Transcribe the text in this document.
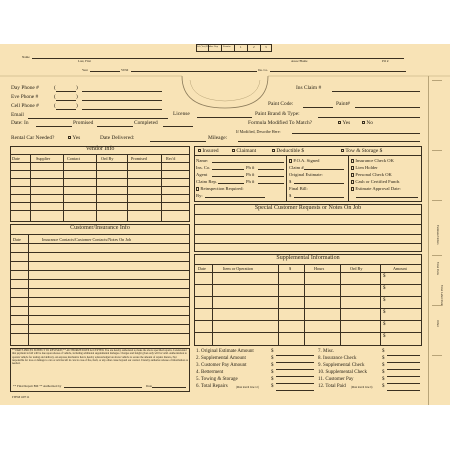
Name
Last, First	Assoc/Home	PO #
Year	VIN#	Ins. Co.
Sel (Ver) Date Ins. Rep Promise	1	2	3
Day Phone #	(	)
Eve Phone #	(	)
Cell Phone #	(	)
Email
Date: In	Promised	Completed
Rental Car Needed?	Yes	Date Delivered:
Ins Claim #
Paint Code:	Paint#
License	Paint Brand & Type:
Formula Modified To Match?	Yes	No
If Modified, Describe Here:
Mileage:
Vendor Info
Date	Supplier	Contact	Ord By	Promised	Rec'd
Insured	Claimant	Deductible $	Tow & Storage $
Name:
Ins. Co.	Ph #
Agent	Ph #
Claim Rep.	Ph #
Reinspection Required:
By:
P.O.A. Signed
Claim #
Original Estimate:
$
Final Bill:
$
Insurance Check OK
Lien Holder
Personal Check OK
Cash or Certified Funds
Estimate Approval Date:
Special Customer Requests or Notes On Job
Customer/Insurance Info
Date	Insurance Contacts/Customer Contacts/Notes On Job
Supplemental Information
Date	Item or Operation	$	Hours	Ord By	Amount
$
$
$
$
$
$
** PARTS PRICES SUBJECT TO REVISION ** AUTHORIZED REP ACCEPTED. You are hereby authorized to make the above specified repairs. I understand that payment in full will be due upon release of vehicle, including additional supplemental damages. Charges and freight given only will be valid. Authorization to operate vehicle for testing and delivery. An express mechanics lien is hereby acknowledged on above vehicle to secure the amount of repairs thereto. Not responsible for loss or damage to cars or articles left in cars in case of fire, theft, or any other cause beyond our control. I hereby authorize release of information as needed.
** Final Repair Bill ** Authorized by	Date
ITEM #0711
1. Original Estimate Amount
2. Supplemental Amount
3. Customer Pay Amount
4. Betterment
5. Towing & Storage
6. Total Repairs	(Must match Line 12)
$
$
$
$
$
$
7. Misc.
8. Insurance Check
9. Supplemental Check
10. Supplemental Check
11. Customer Pay
12. Total Paid (Must match Line 6)
$
$
$
$
$
$
Estimate/Orders
Total Parts
Total Labor/Paint
Other
